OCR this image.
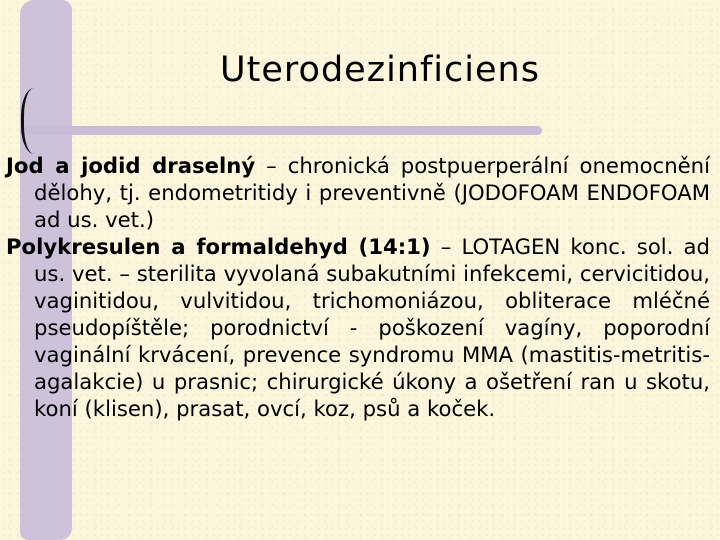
Uterodezinficiens

Jod a jodid draselný – chronická postpuerperální onemocnění dělohy, tj. endometritidy i preventivně (JODOFOAM ENDOFOAM ad us. vet.)

Polykresulen a formaldehyd (14:1) – LOTAGEN konc. sol. ad us. vet. – sterilita vyvolaná subakutními infekcemi, cervicitidou, vaginitidou, vulvitidou, trichomoniázou, obliterace mléčné pseudopíštěle; porodnictví - poškození vagíny, poporodní vaginální krvácení, prevence syndromu MMA (mastitis-metritis-agalakcie) u prasnic; chirurgické úkony a ošetření ran u skotu, koní (klisen), prasat, ovcí, koz, psů a koček.
